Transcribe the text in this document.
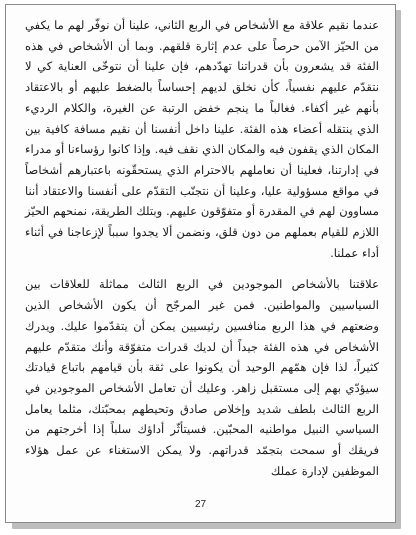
عندما نقيم علاقة مع الأشخاص في الربع الثاني، علينا أن نوفّر لهم ما يكفي من الحيّز الآمن حرصاً على عدم إثارة قلقهم. وبما أن الأشخاص في هذه الفئة قد يشعرون بأن قدراتنا تهدّدهم، فإن علينا أن نتوخّى العناية كي لا نتقدّم عليهم نفسياً، كأن نخلق لديهم إحساساً بالضغط عليهم أو بالاعتقاد بأنهم غير أكفاء. فغالباً ما ينجم خفض الرتبة عن الغيرة، والكلام الرديء الذي ينتقله أعضاء هذه الفئة. علينا داخل أنفسنا أن نقيم مسافة كافية بين المكان الذي يقفون فيه والمكان الذي نقف فيه. وإذا كانوا رؤساءنا أو مدراء في إدارتنا، فعلينا أن نعاملهم بالاحترام الذي يستحقّونه باعتبارهم أشخاصاً في مواقع مسؤولية عليا، وعلينا أن نتجنّب التقدّم على أنفسنا والاعتقاد أننا مساوون لهم في المقدرة أو متفوّقون عليهم. وبتلك الطريقة، نمنحهم الحيّز اللازم للقيام بعملهم من دون قلق، ونضمن ألا يجدوا سبباً لإزعاجنا في أثناء أداء عملنا.

علاقتنا بالأشخاص الموجودين في الربع الثالث مماثلة للعلاقات بين السياسيين والمواطنين. فمن غير المرجّح أن يكون الأشخاص الذين وضعتهم في هذا الربع منافسين رئيسيين يمكن أن يتقدّموا عليك. ويدرك الأشخاص في هذه الفئة جيداً أن لديك قدرات متفوّقة وأنك متقدّم عليهم كثيراً، لذا فإن همّهم الوحيد أن يكونوا على ثقة بأن قيامهم باتباع قيادتك سيؤدّي بهم إلى مستقبل زاهر. وعليك أن تعامل الأشخاص الموجودين في الربع الثالث بلطف شديد وإخلاص صادق وتحيطهم بمحبّتك، مثلما يعامل السياسي النبيل مواطنيه المحبّين. فسيتأثّر أداؤك سلباً إذا أخرجتهم من فريقك أو سمحت بتجمّد قدراتهم. ولا يمكن الاستغناء عن عمل هؤلاء الموظفين لإدارة عملك

27
